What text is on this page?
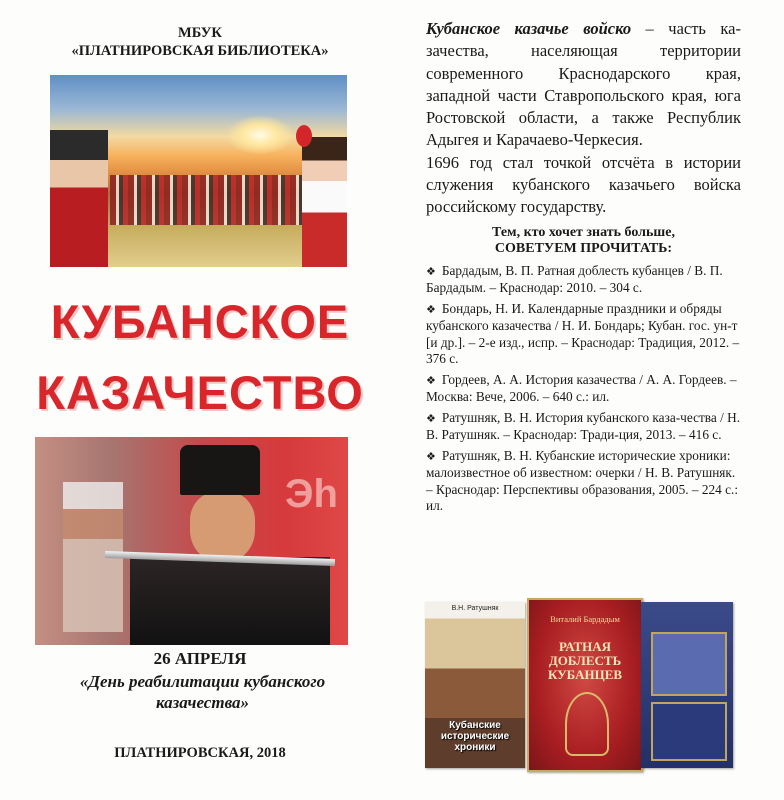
МБУК
«ПЛАТНИРОВСКАЯ БИБЛИОТЕКА»
КУБАНСКОЕ
КАЗАЧЕСТВО
Эh
26 АПРЕЛЯ
«День реабилитации кубанского
казачества»
ПЛАТНИРОВСКАЯ, 2018

Кубанское казачье войско – часть ка-зачества, населяющая территории современного Краснодарского края, западной части Ставропольского края, юга Ростовской области, а также Республик Адыгея и Карачаево-Черкесия.

1696 год стал точкой отсчёта в истории служения кубанского казачьего войска российскому государству.

Тем, кто хочет знать больше,
СОВЕТУЕМ ПРОЧИТАТЬ:
❖ Бардадым, В. П. Ратная доблесть кубанцев / В. П. Бардадым. – Краснодар: 2010. – 304 с.
❖ Бондарь, Н. И. Календарные праздники и обряды кубанского казачества / Н. И. Бондарь; Кубан. гос. ун-т [и др.]. – 2-е изд., испр. – Краснодар: Традиция, 2012. – 376 с.
❖ Гордеев, А. А. История казачества / А. А. Гордеев. – Москва: Вече, 2006. – 640 с.: ил.
❖ Ратушняк, В. Н. История кубанского каза-чества / Н. В. Ратушняк. – Краснодар: Тради-ция, 2013. – 416 с.
❖ Ратушняк, В. Н. Кубанские исторические хроники: малоизвестное об известном: очерки / Н. В. Ратушняк. – Краснодар: Перспективы образования, 2005. – 224 с.: ил.
В.Н. Ратушняк
Кубанские исторические хроники
Виталий Бардадым
РАТНАЯ ДОБЛЕСТЬ КУБАНЦЕВ
